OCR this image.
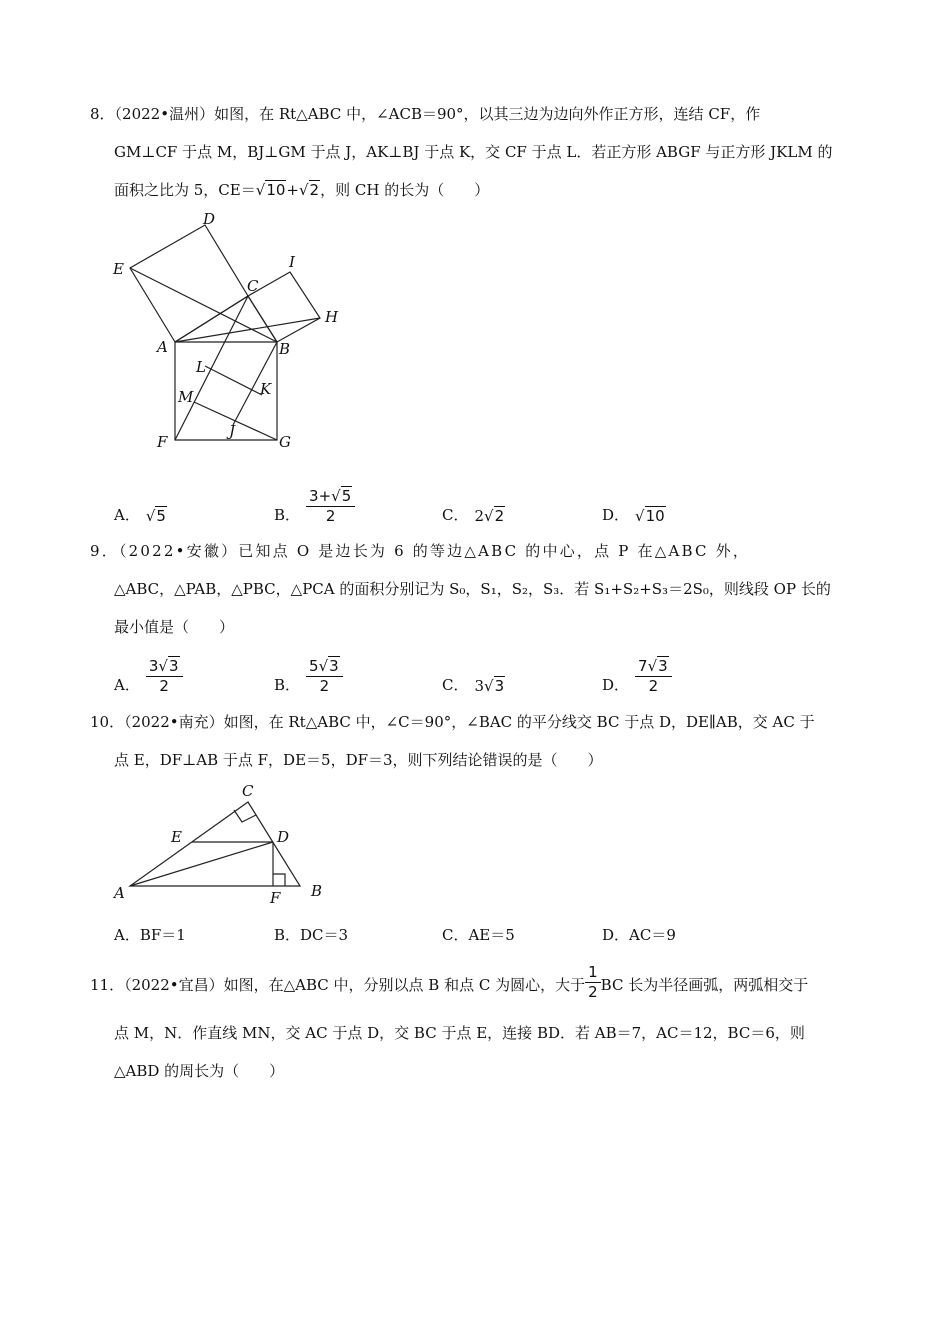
8．（2022•温州）如图，在 Rt△ABC 中，∠ACB＝90°，以其三边为边向外作正方形，连结 CF，作

GM⊥CF 于点 M，BJ⊥GM 于点 J，AK⊥BJ 于点 K，交 CF 于点 L．若正方形 ABGF 与正方形 JKLM 的

面积之比为 5，CE＝√10+√2，则 CH 的长为（　　）

D
E	I
C
H
A	B
L
K
M
F
J
G
A． √5	B． $\frac{3+√5}{2}$	C． 2 √2	D． √10

9．（2022•安徽）已知点 O 是边长为 6 的等边△ABC 的中心，点 P 在△ABC 外，

△ABC，△PAB，△PBC，△PCA 的面积分别记为 S₀，S₁，S₂，S₃．若 S₁+S₂+S₃＝2S₀，则线段 OP 长的

最小值是（　　）

A． $\frac{3√3}{2}$	B． $\frac{5√3}{2}$	C． 3 √3	D． $\frac{7√3}{2}$

10．（2022•南充）如图，在 Rt△ABC 中，∠C＝90°，∠BAC 的平分线交 BC 于点 D，DE∥AB，交 AC 于

点 E，DF⊥AB 于点 F，DE＝5，DF＝3，则下列结论错误的是（　　）

C
E	D
A	F B
A．BF＝1	B．DC＝3	C．AE＝5	D．AC＝9

11．（2022•宜昌）如图，在△ABC 中，分别以点 B 和点 C 为圆心，大于 $\frac{1}{2}$ BC 长为半径画弧，两弧相交于

点 M，N．作直线 MN，交 AC 于点 D，交 BC 于点 E，连接 BD．若 AB＝7，AC＝12，BC＝6，则

△ABD 的周长为（　　）
